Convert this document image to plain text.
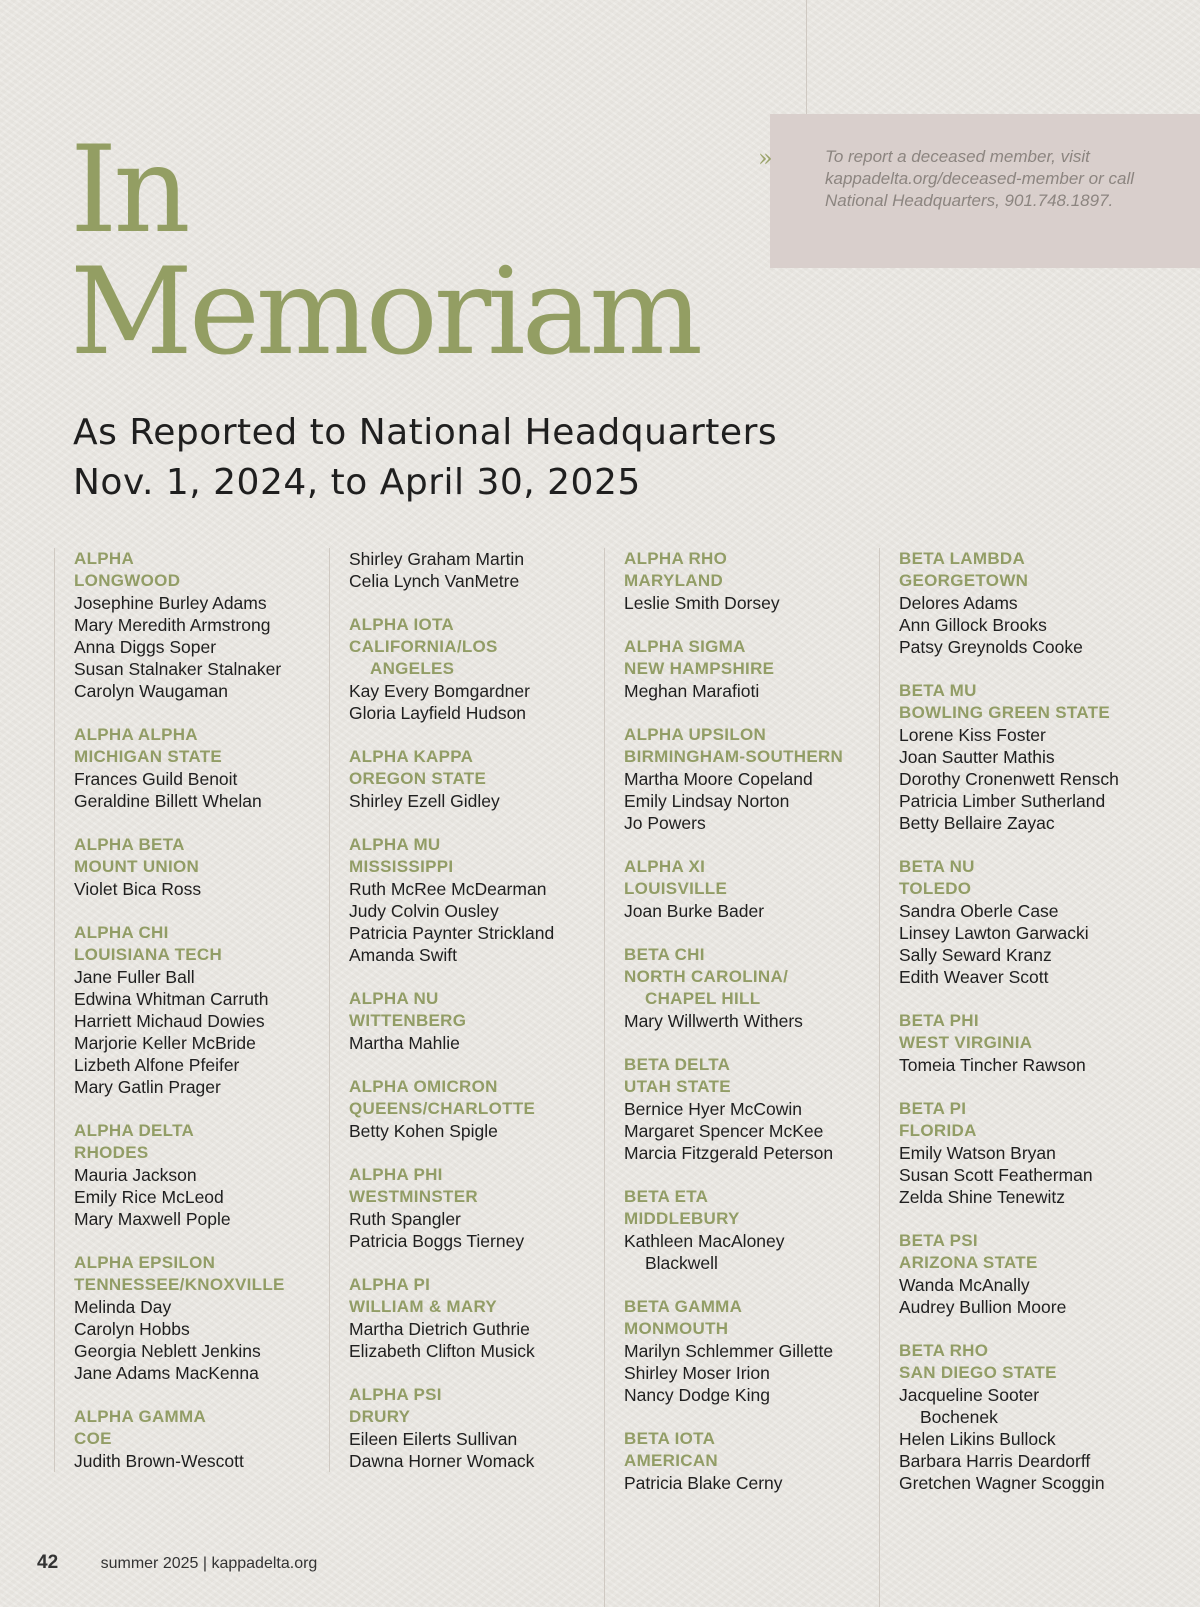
»	To report a deceased member, visit kappadelta.org/deceased-member or call National Headquarters, 901.748.1897.
In
Memoriam
As Reported to National Headquarters
Nov. 1, 2024, to April 30, 2025
ALPHA
LONGWOOD
Josephine Burley Adams
Mary Meredith Armstrong
Anna Diggs Soper
Susan Stalnaker Stalnaker
Carolyn Waugaman
ALPHA ALPHA
MICHIGAN STATE
Frances Guild Benoit
Geraldine Billett Whelan
ALPHA BETA
MOUNT UNION
Violet Bica Ross
ALPHA CHI
LOUISIANA TECH
Jane Fuller Ball
Edwina Whitman Carruth
Harriett Michaud Dowies
Marjorie Keller McBride
Lizbeth Alfone Pfeifer
Mary Gatlin Prager
ALPHA DELTA
RHODES
Mauria Jackson
Emily Rice McLeod
Mary Maxwell Pople
ALPHA EPSILON
TENNESSEE/KNOXVILLE
Melinda Day
Carolyn Hobbs
Georgia Neblett Jenkins
Jane Adams MacKenna
ALPHA GAMMA
COE
Judith Brown-Wescott
Shirley Graham Martin
Celia Lynch VanMetre
ALPHA IOTA
CALIFORNIA/LOS
ANGELES
Kay Every Bomgardner
Gloria Layfield Hudson
ALPHA KAPPA
OREGON STATE
Shirley Ezell Gidley
ALPHA MU
MISSISSIPPI
Ruth McRee McDearman
Judy Colvin Ousley
Patricia Paynter Strickland
Amanda Swift
ALPHA NU
WITTENBERG
Martha Mahlie
ALPHA OMICRON
QUEENS/CHARLOTTE
Betty Kohen Spigle
ALPHA PHI
WESTMINSTER
Ruth Spangler
Patricia Boggs Tierney
ALPHA PI
WILLIAM & MARY
Martha Dietrich Guthrie
Elizabeth Clifton Musick
ALPHA PSI
DRURY
Eileen Eilerts Sullivan
Dawna Horner Womack
ALPHA RHO
MARYLAND
Leslie Smith Dorsey
ALPHA SIGMA
NEW HAMPSHIRE
Meghan Marafioti
ALPHA UPSILON
BIRMINGHAM-SOUTHERN
Martha Moore Copeland
Emily Lindsay Norton
Jo Powers
ALPHA XI
LOUISVILLE
Joan Burke Bader
BETA CHI
NORTH CAROLINA/
CHAPEL HILL
Mary Willwerth Withers
BETA DELTA
UTAH STATE
Bernice Hyer McCowin
Margaret Spencer McKee
Marcia Fitzgerald Peterson
BETA ETA
MIDDLEBURY
Kathleen MacAloney
Blackwell
BETA GAMMA
MONMOUTH
Marilyn Schlemmer Gillette
Shirley Moser Irion
Nancy Dodge King
BETA IOTA
AMERICAN
Patricia Blake Cerny
BETA LAMBDA
GEORGETOWN
Delores Adams
Ann Gillock Brooks
Patsy Greynolds Cooke
BETA MU
BOWLING GREEN STATE
Lorene Kiss Foster
Joan Sautter Mathis
Dorothy Cronenwett Rensch
Patricia Limber Sutherland
Betty Bellaire Zayac
BETA NU
TOLEDO
Sandra Oberle Case
Linsey Lawton Garwacki
Sally Seward Kranz
Edith Weaver Scott
BETA PHI
WEST VIRGINIA
Tomeia Tincher Rawson
BETA PI
FLORIDA
Emily Watson Bryan
Susan Scott Featherman
Zelda Shine Tenewitz
BETA PSI
ARIZONA STATE
Wanda McAnally
Audrey Bullion Moore
BETA RHO
SAN DIEGO STATE
Jacqueline Sooter
Bochenek
Helen Likins Bullock
Barbara Harris Deardorff
Gretchen Wagner Scoggin
42	summer 2025 | kappadelta.org
